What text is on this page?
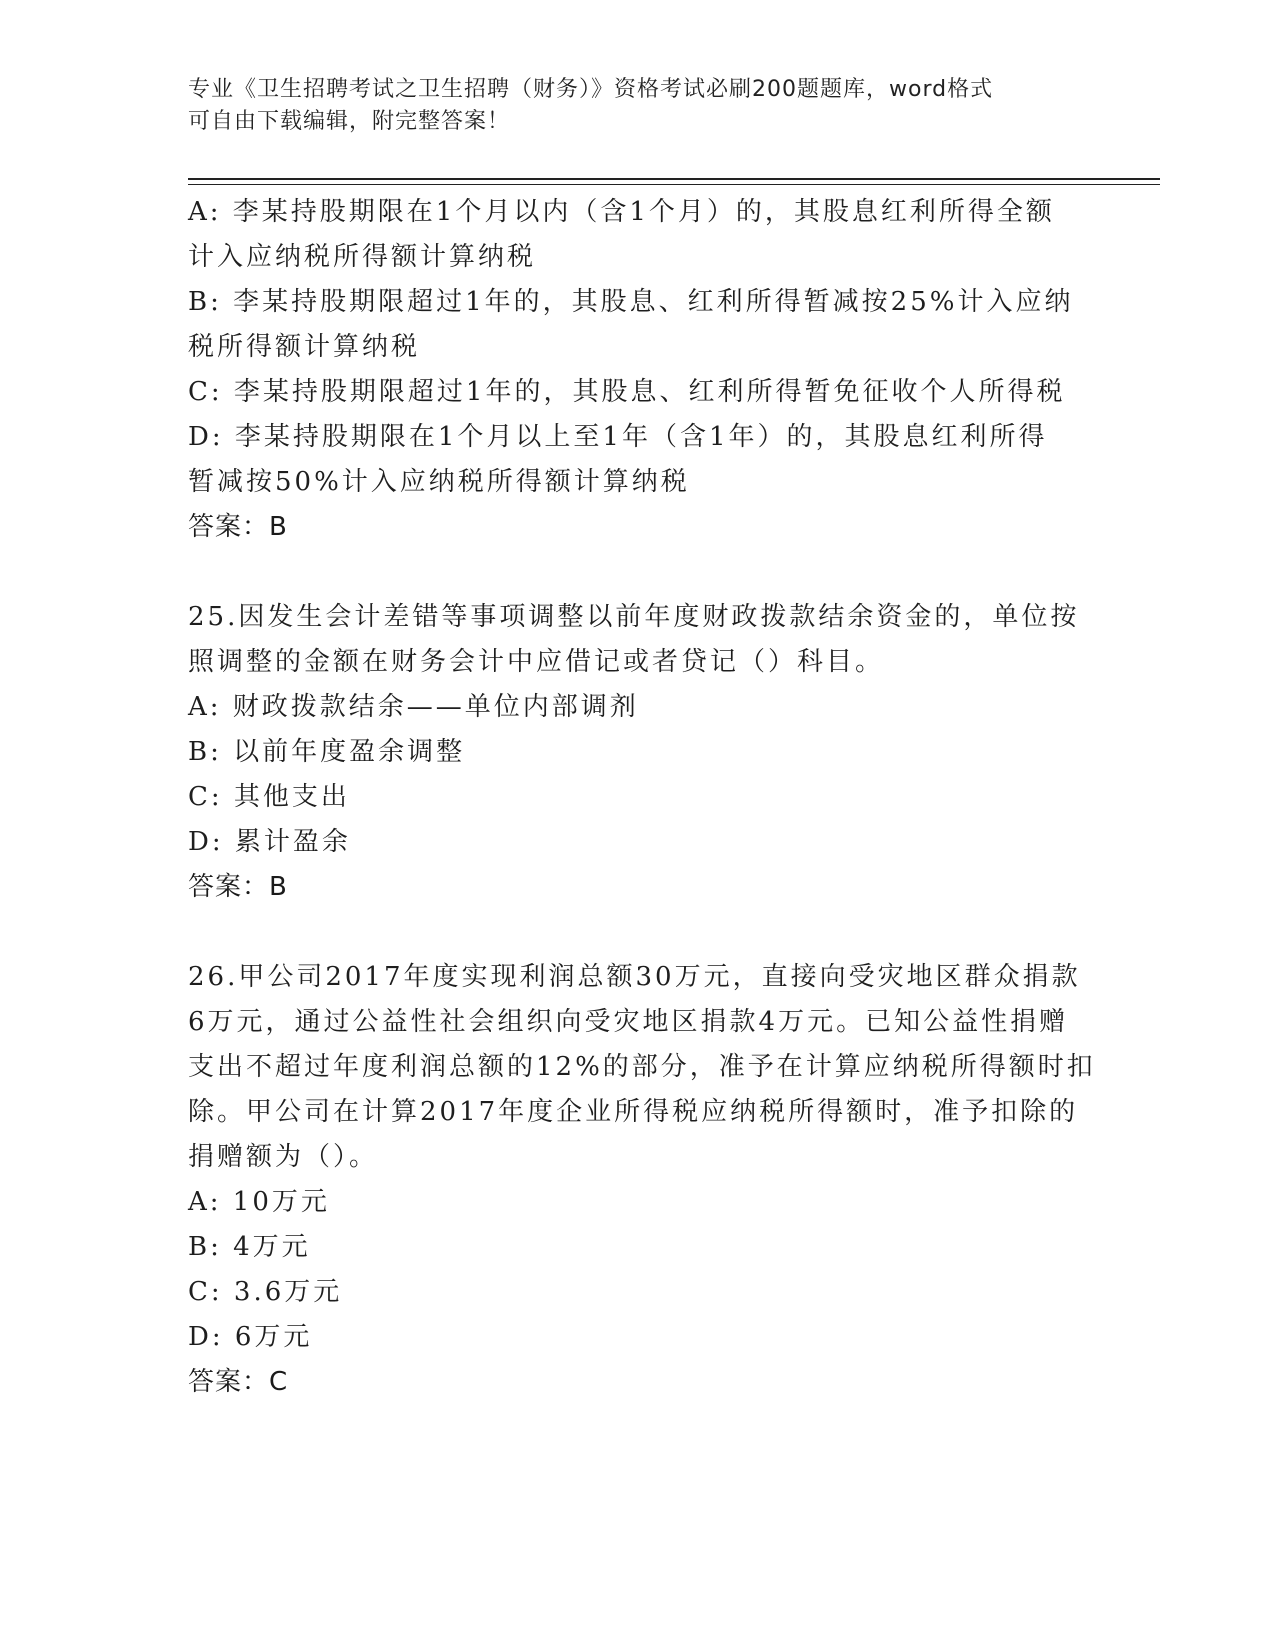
专业《卫生招聘考试之卫生招聘（财务）》资格考试必刷200题题库，word格式
可自由下载编辑，附完整答案！
A: 李某持股期限在1个月以内（含1个月）的，其股息红利所得全额
计入应纳税所得额计算纳税
B: 李某持股期限超过1年的，其股息、红利所得暂减按25%计入应纳
税所得额计算纳税
C: 李某持股期限超过1年的，其股息、红利所得暂免征收个人所得税
D: 李某持股期限在1个月以上至1年（含1年）的，其股息红利所得
暂减按50%计入应纳税所得额计算纳税
答案：B
25.因发生会计差错等事项调整以前年度财政拨款结余资金的，单位按
照调整的金额在财务会计中应借记或者贷记（）科目。
A: 财政拨款结余——单位内部调剂
B: 以前年度盈余调整
C: 其他支出
D: 累计盈余
答案：B
26.甲公司2017年度实现利润总额30万元，直接向受灾地区群众捐款
6万元，通过公益性社会组织向受灾地区捐款4万元。已知公益性捐赠
支出不超过年度利润总额的12%的部分，准予在计算应纳税所得额时扣
除。甲公司在计算2017年度企业所得税应纳税所得额时，准予扣除的
捐赠额为（）。
A: 10万元
B: 4万元
C: 3.6万元
D: 6万元
答案：C
